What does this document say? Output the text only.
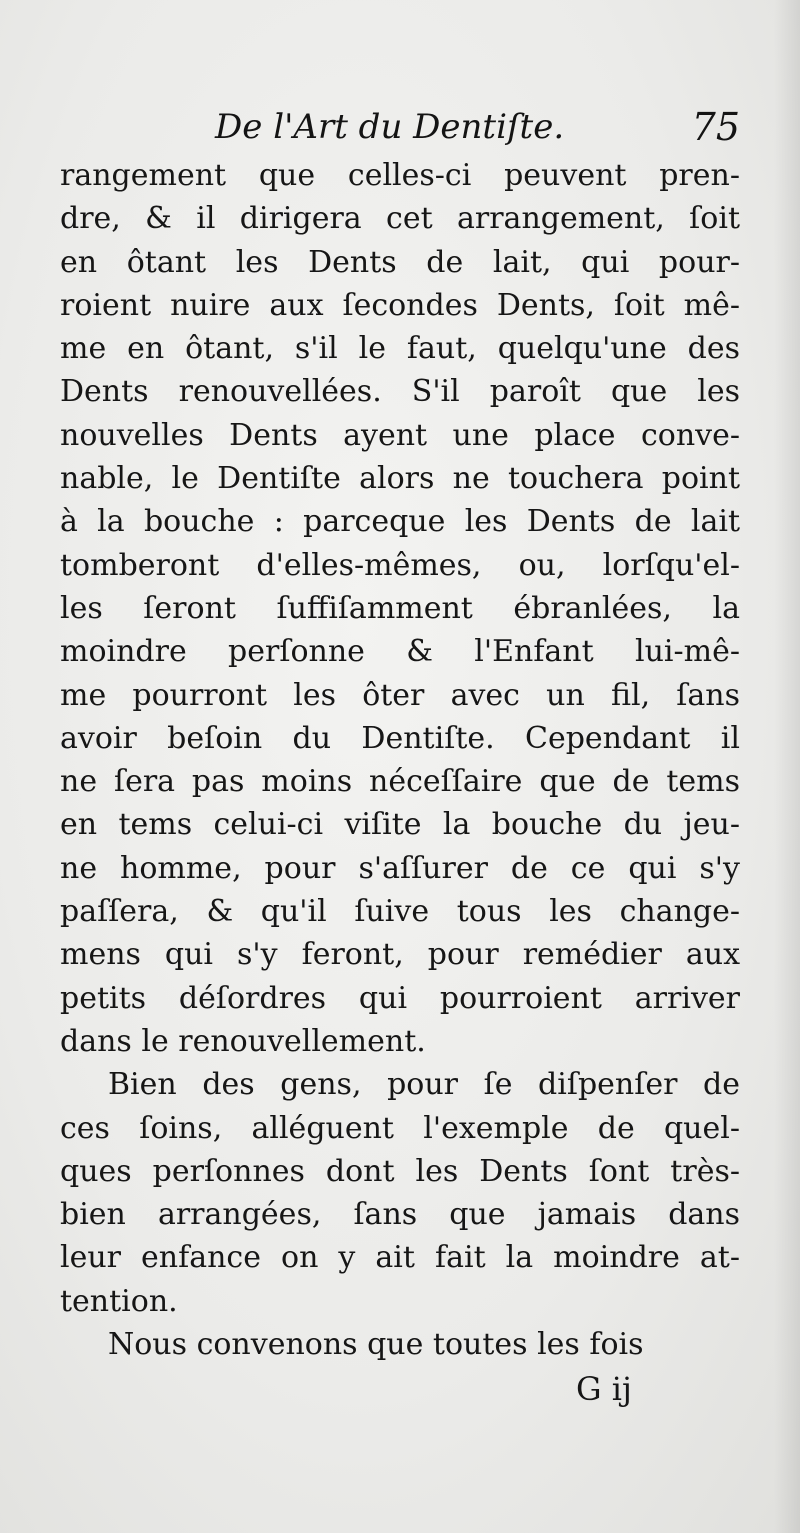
De l'Art du Dentiſte.	75
rangement que celles-ci peuvent pren-
dre, & il dirigera cet arrangement, ſoit
en ôtant les Dents de lait, qui pour-
roient nuire aux ſecondes Dents, ſoit mê-
me en ôtant, s'il le faut, quelqu'une des
Dents renouvellées. S'il paroît que les
nouvelles Dents ayent une place conve-
nable, le Dentiſte alors ne touchera point
à la bouche : parceque les Dents de lait
tomberont d'elles-mêmes, ou, lorſqu'el-
les ſeront ſuffiſamment ébranlées, la
moindre perſonne & l'Enfant lui-mê-
me pourront les ôter avec un fil, ſans
avoir beſoin du Dentiſte. Cependant il
ne ſera pas moins néceſſaire que de tems
en tems celui-ci viſite la bouche du jeu-
ne homme, pour s'aſſurer de ce qui s'y
paſſera, & qu'il ſuive tous les change-
mens qui s'y feront, pour remédier aux
petits déſordres qui pourroient arriver
dans le renouvellement.
Bien des gens, pour ſe diſpenſer de
ces ſoins, alléguent l'exemple de quel-
ques perſonnes dont les Dents ſont très-
bien arrangées, ſans que jamais dans
leur enfance on y ait fait la moindre at-
tention.
Nous convenons que toutes les fois
G ij
